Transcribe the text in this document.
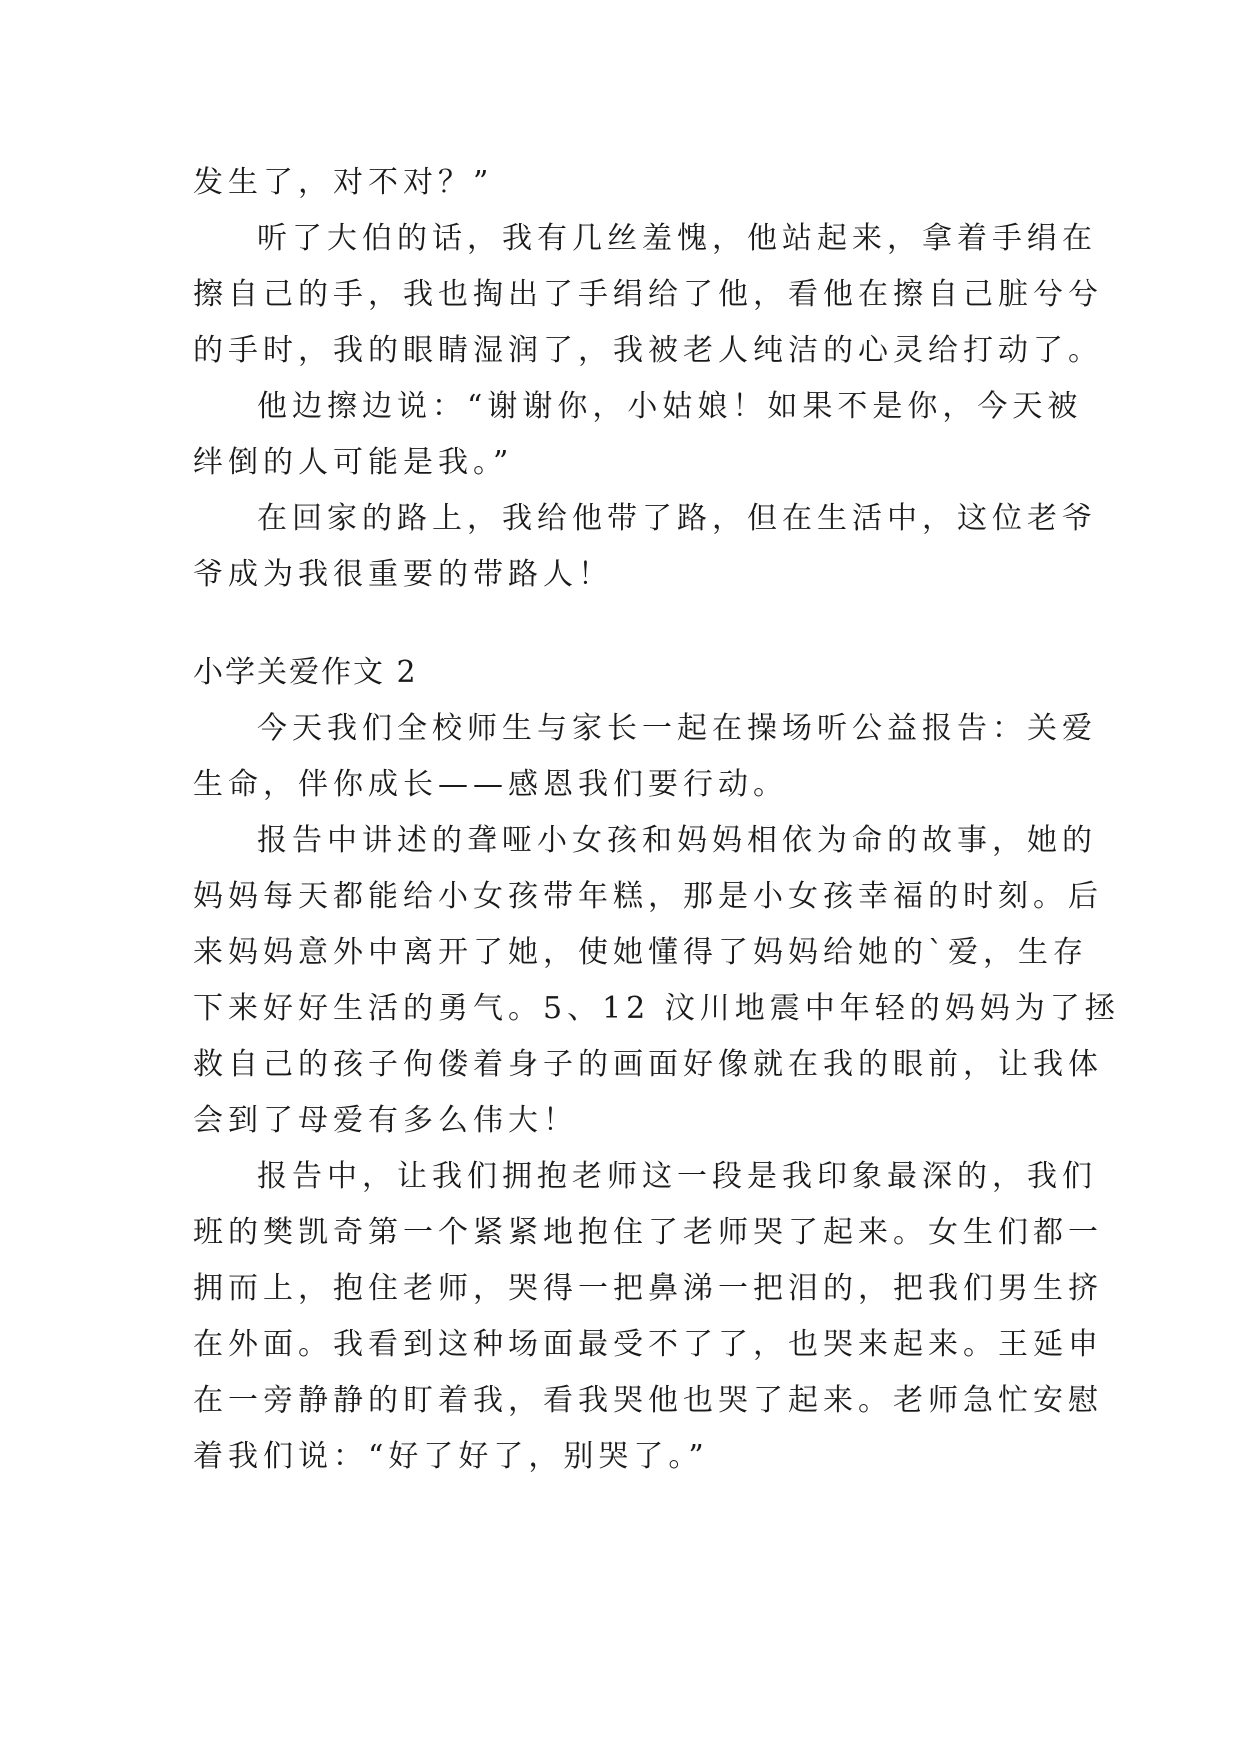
发生了，对不对？”
听了大伯的话，我有几丝羞愧，他站起来，拿着手绢在
擦自己的手，我也掏出了手绢给了他，看他在擦自己脏兮兮
的手时，我的眼睛湿润了，我被老人纯洁的心灵给打动了。
他边擦边说：“谢谢你，小姑娘！如果不是你，今天被
绊倒的人可能是我。”
在回家的路上，我给他带了路，但在生活中，这位老爷
爷成为我很重要的带路人！
小学关爱作文 2
今天我们全校师生与家长一起在操场听公益报告：关爱
生命，伴你成长——感恩我们要行动。
报告中讲述的聋哑小女孩和妈妈相依为命的故事，她的
妈妈每天都能给小女孩带年糕，那是小女孩幸福的时刻。后
来妈妈意外中离开了她，使她懂得了妈妈给她的`爱，生存
下来好好生活的勇气。5、12 汶川地震中年轻的妈妈为了拯
救自己的孩子佝偻着身子的画面好像就在我的眼前，让我体
会到了母爱有多么伟大！
报告中，让我们拥抱老师这一段是我印象最深的，我们
班的樊凯奇第一个紧紧地抱住了老师哭了起来。女生们都一
拥而上，抱住老师，哭得一把鼻涕一把泪的，把我们男生挤
在外面。我看到这种场面最受不了了，也哭来起来。王延申
在一旁静静的盯着我，看我哭他也哭了起来。老师急忙安慰
着我们说：“好了好了，别哭了。”
